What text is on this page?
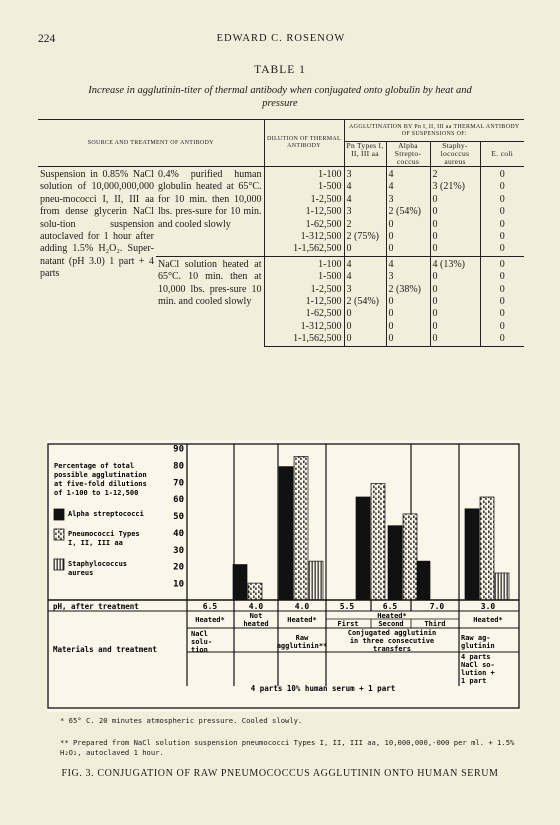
224	EDWARD C. ROSENOW
TABLE 1
Increase in agglutinin-titer of thermal antibody when conjugated onto globulin by heat and pressure
SOURCE AND TREATMENT OF ANTIBODY		DILUTION OF THERMAL ANTIBODY	AGGLUTINATION BY Pn I, II, III aa THERMAL ANTIBODY OF SUSPENSIONS OF:			
			Pn Types I, II, III aa	Alpha Strepto-coccus	Staphy-lococcus aureus	E. coli
Suspension in 0.85% NaCl solution of 10,000,000,000 pneu-mococci I, II, III aa from dense glycerin NaCl solu-tion suspension autoclaved for 1 hour after adding 1.5% H₂O₂. Super-natant (pH 3.0) 1 part + 4 parts	0.4% purified human globulin heated at 65°C. for 10 min. then 10,000 lbs. pres-sure for 10 min. and cooled slowly	1-100	3	4	2	0
		1-500	4	4	3 (21%)	0
		1-2,500	4	3	0	0
		1-12,500	3	2 (54%)	0	0
		1-62,500	2	0	0	0
		1-312,500	2 (75%)	0	0	0
		1-1,562,500	0	0	0	0
	NaCl solution heated at 65°C. 10 min. then at 10,000 lbs. pres-sure 10 min. and cooled slowly	1-100	4	4	4 (13%)	0
		1-500	4	3	0	0
		1-2,500	3	2 (38%)	0	0
		1-12,500	2 (54%)	0	0	0
		1-62,500	0	0	0	0
		1-312,500	0	0	0	0
		1-1,562,500	0	0	0	0
10
20
30
40
50
60
70
80
90
Percentage of total possible agglutination at five-fold dilutions of 1-100 to 1-12,500
Alpha streptococci
Pneumococci Types I, II, III aa
Staphylococcus aureus
pH, after treatment	6.5	4.0	4.0	5.5	6.5	7.0	3.0
Heated*	Not
heated	Heated*	Heated*
First	Second	Third	Heated*
Materials and treatment
NaCl solu-tion
Raw agglutinin**
Conjugated agglutinin in three consecutive transfers
Raw ag-glutinin
4 parts 10% human serum + 1 part
4 parts NaCl so-lution + 1 part
* 65° C. 20 minutes atmospheric pressure. Cooled slowly.
** Prepared from NaCl solution suspension pneumococci Types I, II, III aa, 10,000,000,-000 per ml. + 1.5% H₂O₂, autoclaved 1 hour.
FIG. 3. CONJUGATION OF RAW PNEUMOCOCCUS AGGLUTININ ONTO HUMAN SERUM
